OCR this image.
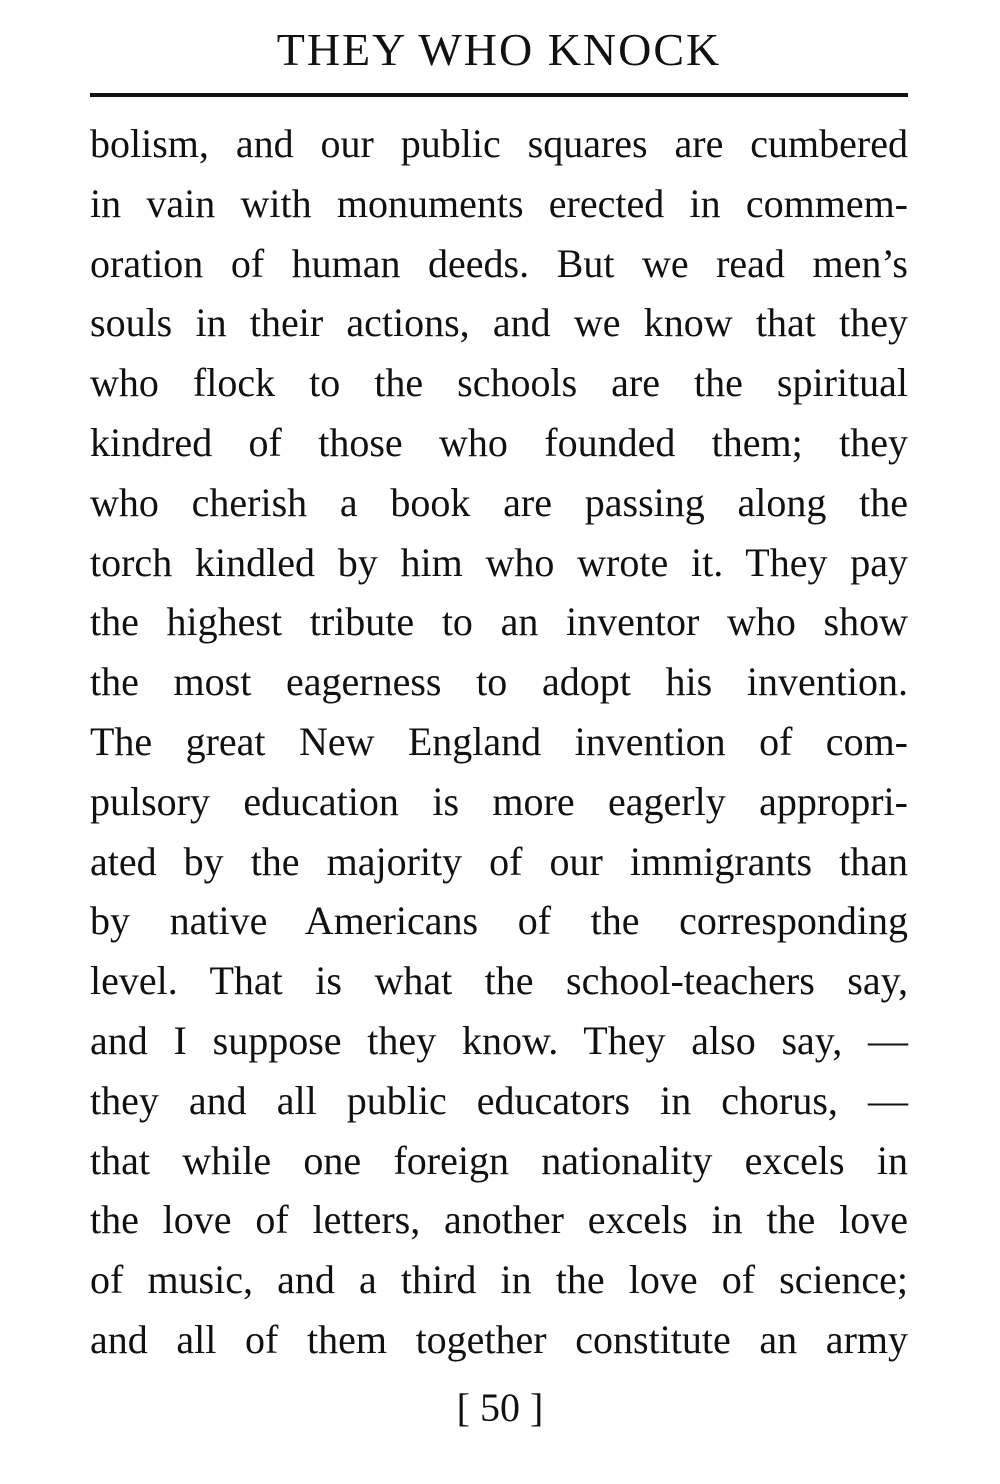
THEY WHO KNOCK
bolism, and our public squares are cumbered
in vain with monuments erected in commem-
oration of human deeds. But we read men’s
souls in their actions, and we know that they
who flock to the schools are the spiritual
kindred of those who founded them; they
who cherish a book are passing along the
torch kindled by him who wrote it. They pay
the highest tribute to an inventor who show
the most eagerness to adopt his invention.
The great New England invention of com-
pulsory education is more eagerly appropri-
ated by the majority of our immigrants than
by native Americans of the corresponding
level. That is what the school-teachers say,
and I suppose they know. They also say, —
they and all public educators in chorus, —
that while one foreign nationality excels in
the love of letters, another excels in the love
of music, and a third in the love of science;
and all of them together constitute an army
[ 50 ]
